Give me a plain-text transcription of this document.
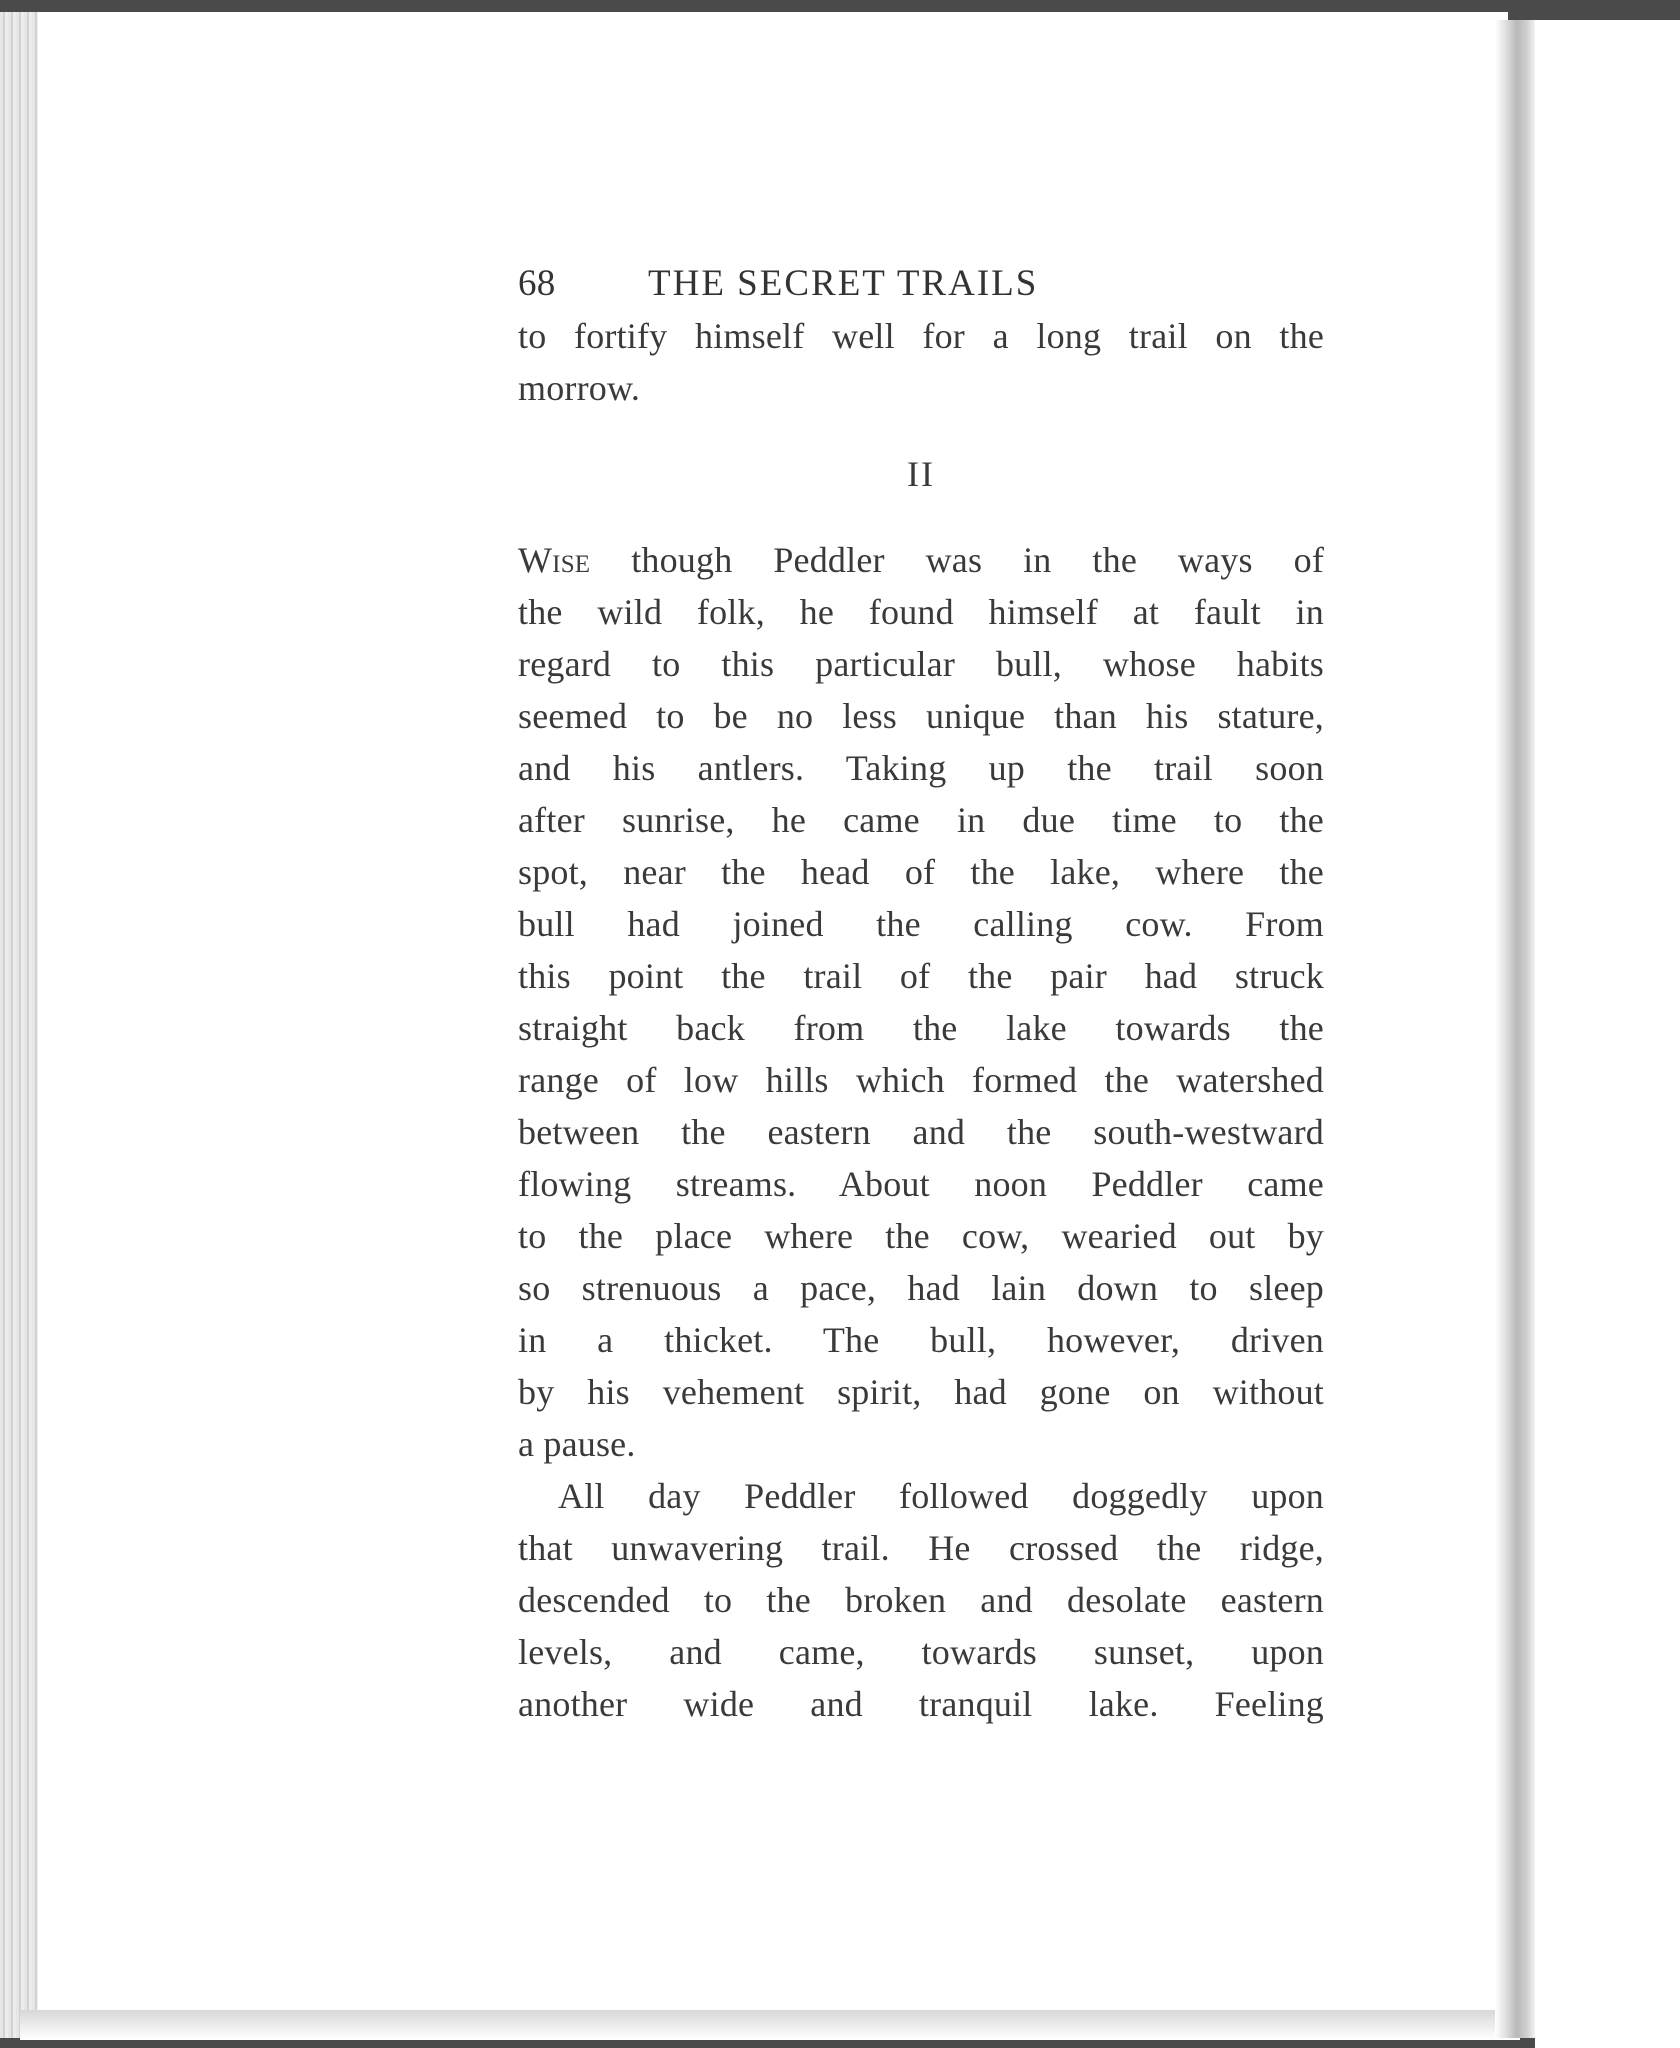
68	THE SECRET TRAILS
to fortify himself well for a long trail on the
morrow.
II
Wise though Peddler was in the ways of
the wild folk, he found himself at fault in
regard to this particular bull, whose habits
seemed to be no less unique than his stature,
and his antlers. Taking up the trail soon
after sunrise, he came in due time to the
spot, near the head of the lake, where the
bull had joined the calling cow. From
this point the trail of the pair had struck
straight back from the lake towards the
range of low hills which formed the watershed
between the eastern and the south-westward
flowing streams. About noon Peddler came
to the place where the cow, wearied out by
so strenuous a pace, had lain down to sleep
in a thicket. The bull, however, driven
by his vehement spirit, had gone on without
a pause.
All day Peddler followed doggedly upon
that unwavering trail. He crossed the ridge,
descended to the broken and desolate eastern
levels, and came, towards sunset, upon
another wide and tranquil lake. Feeling
